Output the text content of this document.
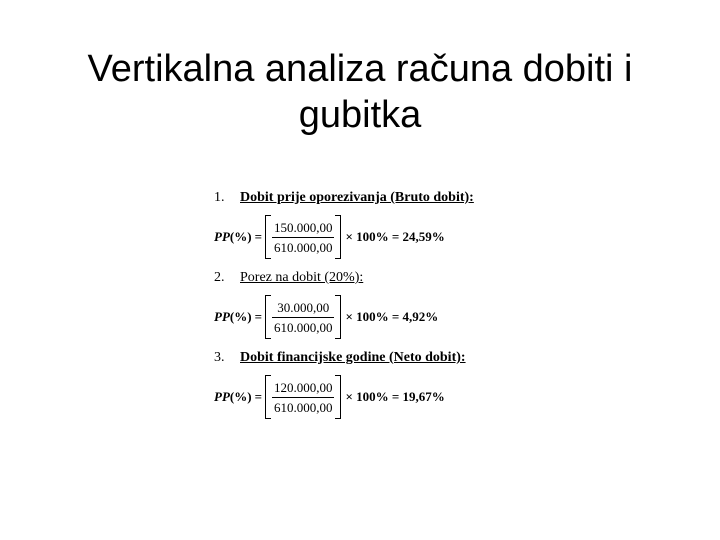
Vertikalna analiza računa dobiti i gubitka
1.	Dobit prije oporezivanja (Bruto dobit):
PP (%) = $\frac{150.000,00}{610.000,00} \times 100\% = 24,59\%$
2.	Porez na dobit (20%):
PP (%) = $\frac{30.000,00}{610.000,00} \times 100\% = 4,92\%$
3.	Dobit financijske godine (Neto dobit):
PP (%) = $\frac{120.000,00}{610.000,00} \times 100\% = 19,67\%$
